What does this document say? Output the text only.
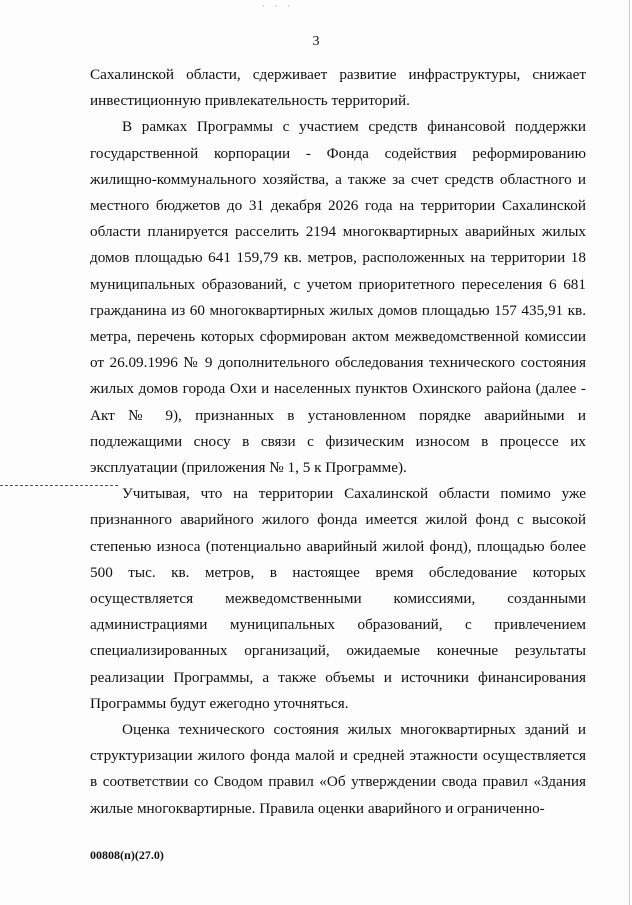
· · ·
3

Сахалинской области, сдерживает развитие инфраструктуры, снижает инвестиционную привлекательность территорий.

В рамках Программы с участием средств финансовой поддержки государственной корпорации - Фонда содействия реформированию жилищно-коммунального хозяйства, а также за счет средств областного и местного бюджетов до 31 декабря 2026 года на территории Сахалинской области планируется расселить 2194 многоквартирных аварийных жилых домов площадью 641 159,79 кв. метров, расположенных на территории 18 муниципальных образований, с учетом приоритетного переселения 6 681 гражданина из 60 многоквартирных жилых домов площадью 157 435,91 кв. метра, перечень которых сформирован актом межведомственной комиссии от 26.09.1996 № 9 дополнительного обследования технического состояния жилых домов города Охи и населенных пунктов Охинского района (далее - Акт № 9), признанных в установленном порядке аварийными и подлежащими сносу в связи с физическим износом в процессе их эксплуатации (приложения № 1, 5 к Программе).

Учитывая, что на территории Сахалинской области помимо уже признанного аварийного жилого фонда имеется жилой фонд с высокой степенью износа (потенциально аварийный жилой фонд), площадью более 500 тыс. кв. метров, в настоящее время обследование которых осуществляется межведомственными комиссиями, созданными администрациями муниципальных образований, с привлечением специализированных организаций, ожидаемые конечные результаты реализации Программы, а также объемы и источники финансирования Программы будут ежегодно уточняться.

Оценка технического состояния жилых многоквартирных зданий и структуризации жилого фонда малой и средней этажности осуществляется в соответствии со Сводом правил «Об утверждении свода правил «Здания жилые многоквартирные. Правила оценки аварийного и ограниченно-

00808(п)(27.0)
